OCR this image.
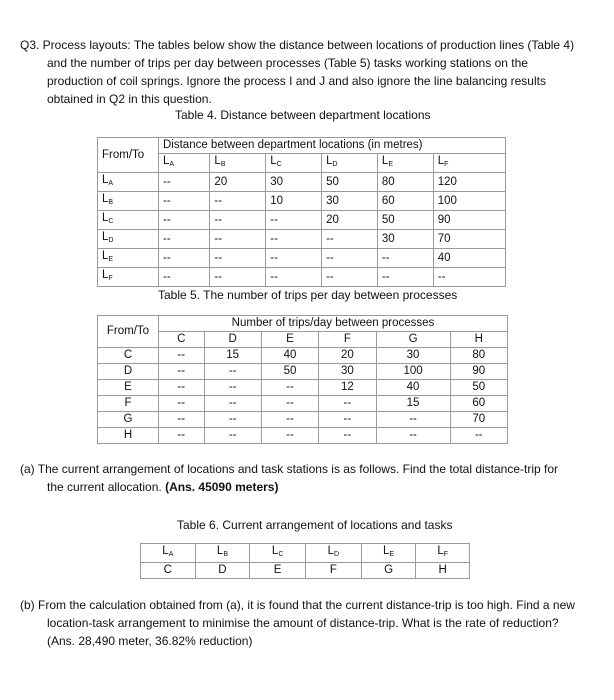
Q3. Process layouts: The tables below show the distance between locations of production lines (Table 4) and the number of trips per day between processes (Table 5) tasks working stations on the production of coil springs. Ignore the process I and J and also ignore the line balancing results obtained in Q2 in this question.
Table 4. Distance between department locations
From/To	Distance between department locations (in metres)					
	$L_A$	$L_B$	$L_C$	$L_D$	$L_E$	$L_F$
$L_A$	--	20	30	50	80	120
$L_B$	--	--	10	30	60	100
$L_C$	--	--	--	20	50	90
$L_D$	--	--	--	--	30	70
$L_E$	--	--	--	--	--	40
$L_F$	--	--	--	--	--	--
Table 5. The number of trips per day between processes
From/To	Number of trips/day between processes					
	C	D	E	F	G	H
C	--	15	40	20	30	80
D	--	--	50	30	100	90
E	--	--	--	12	40	50
F	--	--	--	--	15	60
G	--	--	--	--	--	70
H	--	--	--	--	--	--
(a) The current arrangement of locations and task stations is as follows. Find the total distance-trip for the current allocation. (Ans. 45090 meters)
Table 6. Current arrangement of locations and tasks
$L_A$	$L_B$	$L_C$	$L_D$	$L_E$	$L_F$
C	D	E	F	G	H
(b) From the calculation obtained from (a), it is found that the current distance-trip is too high. Find a new location-task arrangement to minimise the amount of distance-trip. What is the rate of reduction? (Ans. 28,490 meter, 36.82% reduction)
